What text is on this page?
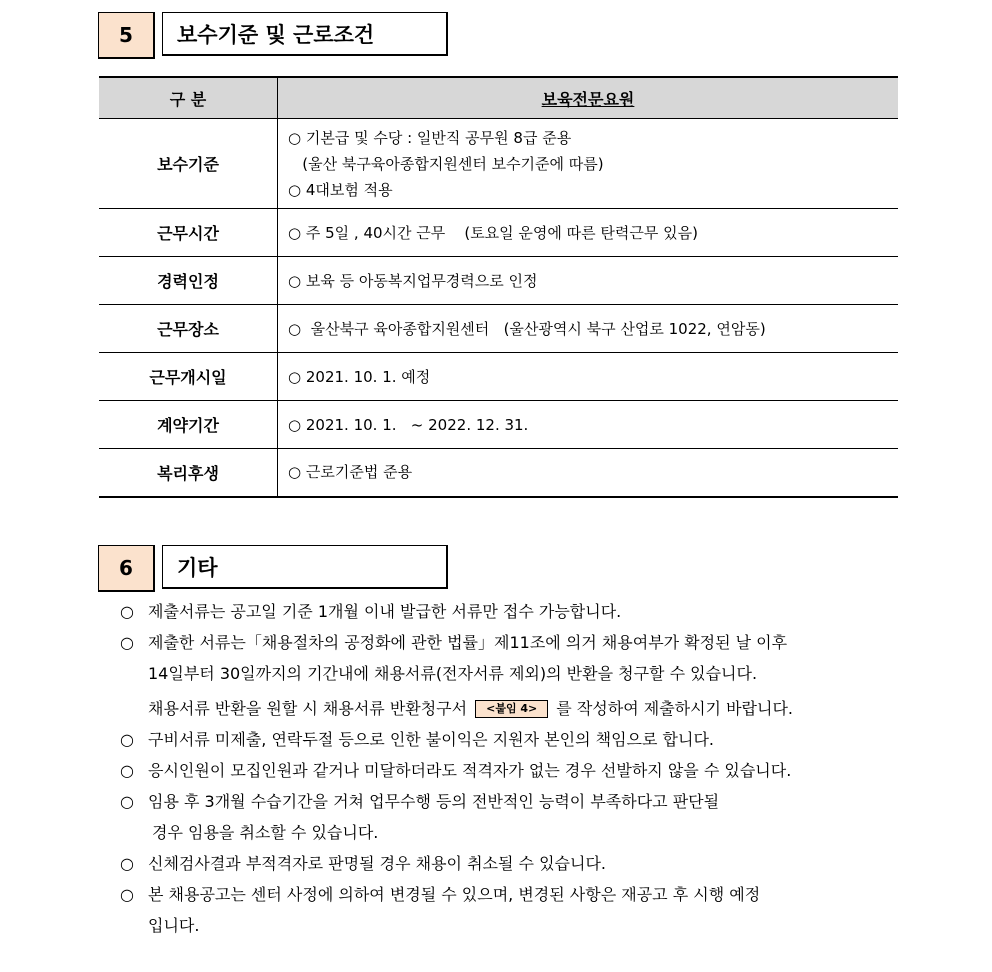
5	보수기준 및 근로조건
구 분	보육전문요원
보수기준	○ 기본급 및 수당 : 일반직 공무원 8급 준용
(울산 북구육아종합지원센터 보수기준에 따름)
○ 4대보험 적용

근무시간	○ 주 5일 , 40시간 근무    (토요일 운영에 따른 탄력근무 있음)

경력인정	○ 보육 등 아동복지업무경력으로 인정

근무장소	○  울산북구 육아종합지원센터   (울산광역시 북구 산업로 1022, 연암동)

근무개시일	○ 2021. 10. 1. 예정

계약기간	○ 2021. 10. 1.   ~ 2022. 12. 31.

복리후생	○ 근로기준법 준용
6	기타
○ 제출서류는 공고일 기준 1개월 이내 발급한 서류만 접수 가능합니다.
○ 제출한 서류는「채용절차의 공정화에 관한 법률」제11조에 의거 채용여부가 확정된 날 이후
14일부터 30일까지의 기간내에 채용서류(전자서류 제외)의 반환을 청구할 수 있습니다.
채용서류 반환을 원할 시 채용서류 반환청구서 <붙임 4> 를 작성하여 제출하시기 바랍니다.
○ 구비서류 미제출, 연락두절 등으로 인한 불이익은 지원자 본인의 책임으로 합니다.
○ 응시인원이 모집인원과 같거나 미달하더라도 적격자가 없는 경우 선발하지 않을 수 있습니다.
○ 임용 후 3개월 수습기간을 거쳐 업무수행 등의 전반적인 능력이 부족하다고 판단될
경우 임용을 취소할 수 있습니다.
○ 신체검사결과 부적격자로 판명될 경우 채용이 취소될 수 있습니다.
○ 본 채용공고는 센터 사정에 의하여 변경될 수 있으며, 변경된 사항은 재공고 후 시행 예정
입니다.
